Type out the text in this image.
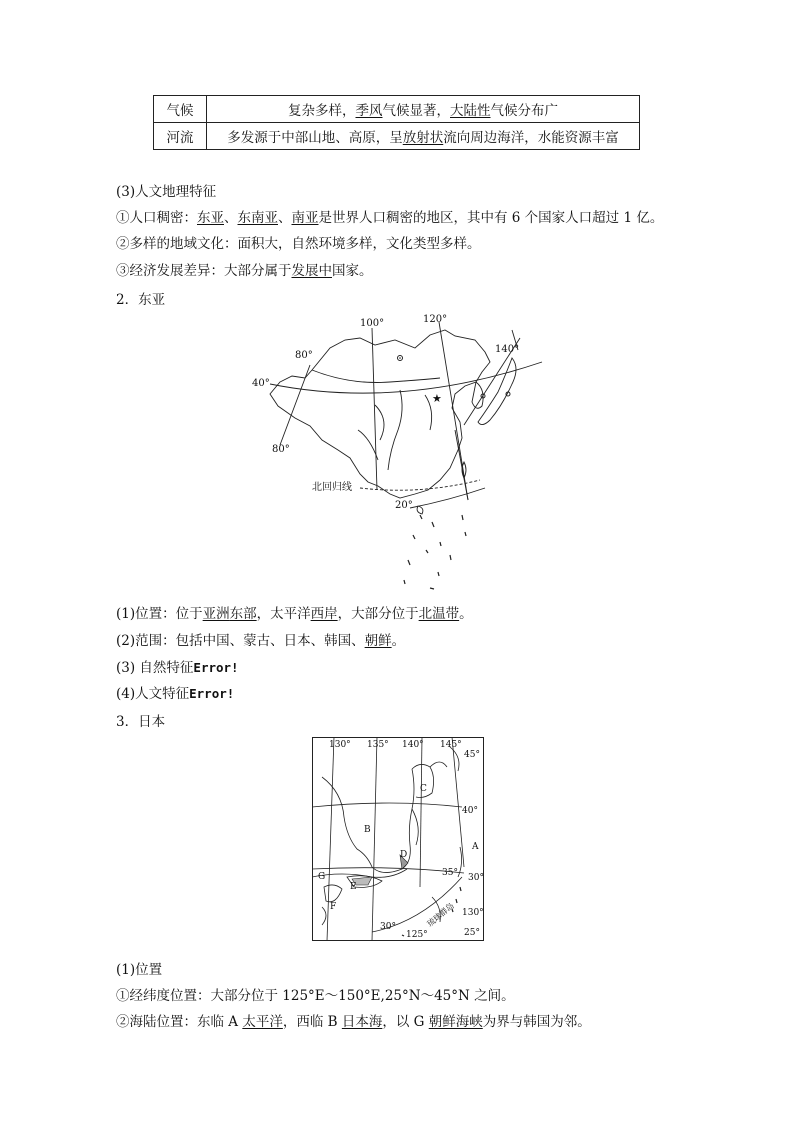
气候	复杂多样，季风气候显著，大陆性气候分布广
河流	多发源于中部山地、高原，呈放射状流向周边海洋，水能资源丰富
(3)人文地理特征
①人口稠密：东亚、东南亚、南亚是世界人口稠密的地区，其中有 6 个国家人口超过 1 亿。
②多样的地域文化：面积大，自然环境多样，文化类型多样。
③经济发展差异：大部分属于发展中国家。
2．东亚
★
100°	120°
140°
80°
40°
80°
北回归线
20°
(1)位置：位于亚洲东部，太平洋西岸，大部分位于北温带。
(2)范围：包括中国、蒙古、日本、韩国、朝鲜。
(3) 自然特征Error!
(4)人文特征Error!
3．日本
130° 135° 140° 145°
45°
40°
35° 30°
130°
25°
30°
125°
A
B
C
D
E
F
G
琉球群岛
(1)位置
①经纬度位置：大部分位于 125°E～150°E,25°N～45°N 之间。
②海陆位置：东临 A 太平洋，西临 B 日本海，以 G 朝鲜海峡为界与韩国为邻。
